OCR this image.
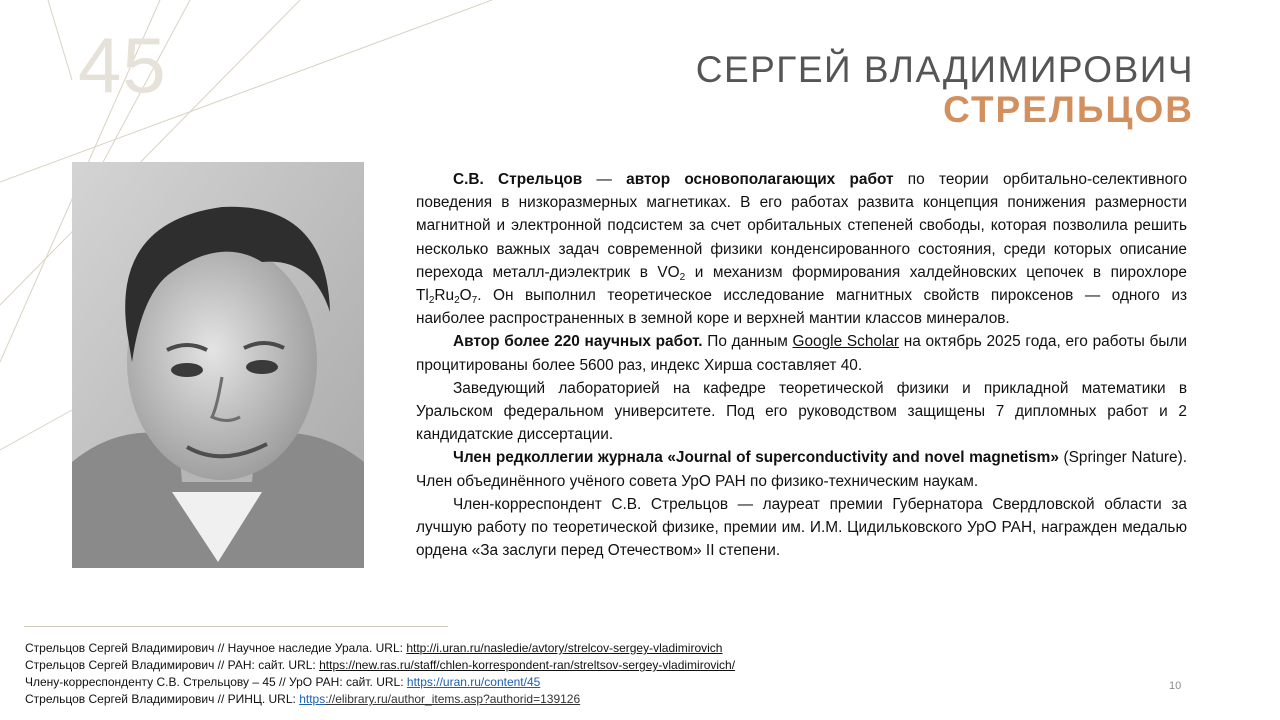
45	СЕРГЕЙ ВЛАДИМИРОВИЧ
СТРЕЛЬЦОВ

С.В. Стрельцов — автор основополагающих работ по теории орбитально-селективного поведения в низкоразмерных магнетиках. В его работах развита концепция понижения размерности магнитной и электронной подсистем за счет орбитальных степеней свободы, которая позволила решить несколько важных задач современной физики конденсированного состояния, среди которых описание перехода металл-диэлектрик в $VO_2$ и механизм формирования халдейновских цепочек в пирохлоре $Tl_2Ru_2O_7$. Он выполнил теоретическое исследование магнитных свойств пироксенов — одного из наиболее распространенных в земной коре и верхней мантии классов минералов.

Автор более 220 научных работ. По данным Google Scholar на октябрь 2025 года, его работы были процитированы более 5600 раз, индекс Хирша составляет 40.

Заведующий лабораторией на кафедре теоретической физики и прикладной математики в Уральском федеральном университете. Под его руководством защищены 7 дипломных работ и 2 кандидатские диссертации.

Член редколлегии журнала «Journal of superconductivity and novel magnetism» (Springer Nature). Член объединённого учёного совета УрО РАН по физико-техническим наукам.

Член-корреспондент С.В. Стрельцов — лауреат премии Губернатора Свердловской области за лучшую работу по теоретической физике, премии им. И.М. Цидильковского УрО РАН, награжден медалью ордена «За заслуги перед Отечеством» II степени.

Стрельцов Сергей Владимирович // Научное наследие Урала. URL: http://i.uran.ru/nasledie/avtory/strelcov-sergey-vladimirovich
Стрельцов Сергей Владимирович // РАН: сайт. URL: https://new.ras.ru/staff/chlen-korrespondent-ran/streltsov-sergey-vladimirovich/
Члену-корреспонденту С.В. Стрельцову – 45 // УрО РАН: сайт. URL: https://uran.ru/content/45
Стрельцов Сергей Владимирович // РИНЦ. URL: https://elibrary.ru/author_items.asp?authorid=139126
10
